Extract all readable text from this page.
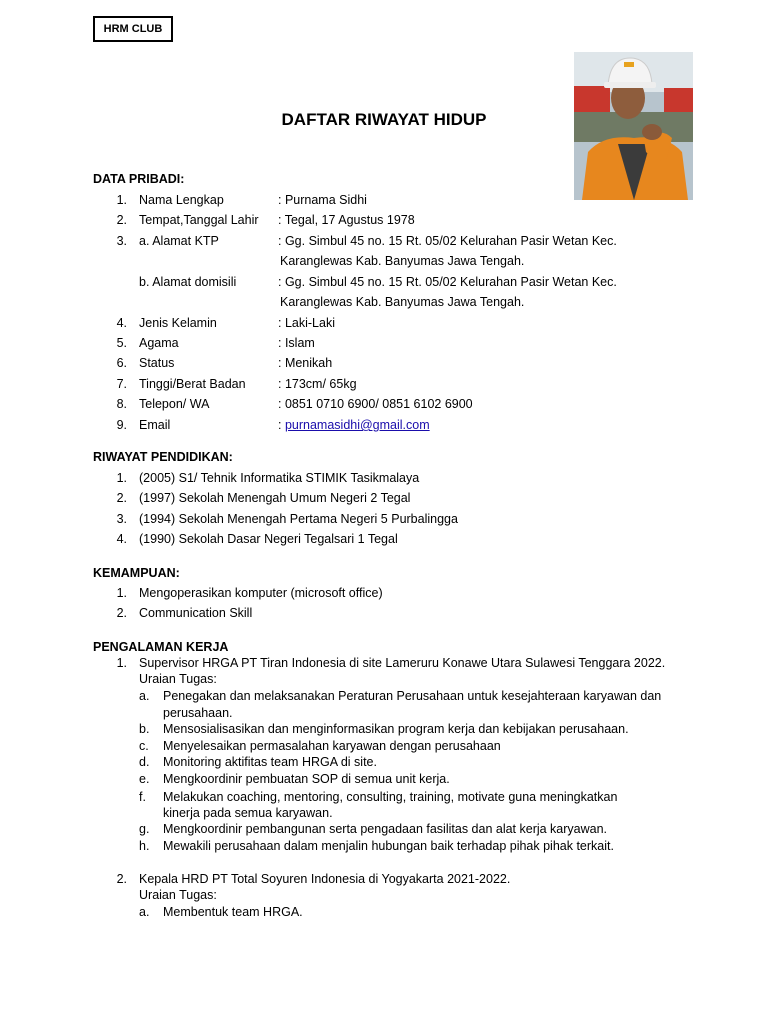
HRM CLUB
DAFTAR RIWAYAT HIDUP
DATA PRIBADI:
1. Nama Lengkap	: Purnama Sidhi
2. Tempat,Tanggal Lahir : Tegal, 17 Agustus 1978
3. a. Alamat KTP	: Gg. Simbul 45 no. 15 Rt. 05/02 Kelurahan Pasir Wetan Kec.
Karanglewas Kab. Banyumas Jawa Tengah.
b. Alamat domisili	: Gg. Simbul 45 no. 15 Rt. 05/02 Kelurahan Pasir Wetan Kec.
Karanglewas Kab. Banyumas Jawa Tengah.
4. Jenis Kelamin	: Laki-Laki
5. Agama	: Islam
6. Status	: Menikah
7. Tinggi/Berat Badan	: 173cm/ 65kg
8. Telepon/ WA	: 0851 0710 6900/ 0851 6102 6900
9. Email	: purnamasidhi@gmail.com
RIWAYAT PENDIDIKAN:
1. (2005) S1/ Tehnik Informatika STIMIK Tasikmalaya
2. (1997) Sekolah Menengah Umum Negeri 2 Tegal
3. (1994) Sekolah Menengah Pertama Negeri 5 Purbalingga
4. (1990) Sekolah Dasar Negeri Tegalsari 1 Tegal
KEMAMPUAN:
1. Mengoperasikan komputer (microsoft office)
2. Communication Skill
PENGALAMAN KERJA
1. Supervisor HRGA PT Tiran Indonesia di site Lameruru Konawe Utara Sulawesi Tenggara 2022.
Uraian Tugas:
a. Penegakan dan melaksanakan Peraturan Perusahaan untuk kesejahteraan karyawan dan
perusahaan.
b. Mensosialisasikan dan menginformasikan program kerja dan kebijakan perusahaan.
c. Menyelesaikan permasalahan karyawan dengan perusahaan
d. Monitoring aktifitas team HRGA di site.
e. Mengkoordinir pembuatan SOP di semua unit kerja.
f. Melakukan coaching, mentoring, consulting, training, motivate guna meningkatkan
kinerja pada semua karyawan.
g. Mengkoordinir pembangunan serta pengadaan fasilitas dan alat kerja karyawan.
h. Mewakili perusahaan dalam menjalin hubungan baik terhadap pihak pihak terkait.
2. Kepala HRD PT Total Soyuren Indonesia di Yogyakarta 2021-2022.
Uraian Tugas:
a. Membentuk team HRGA.
